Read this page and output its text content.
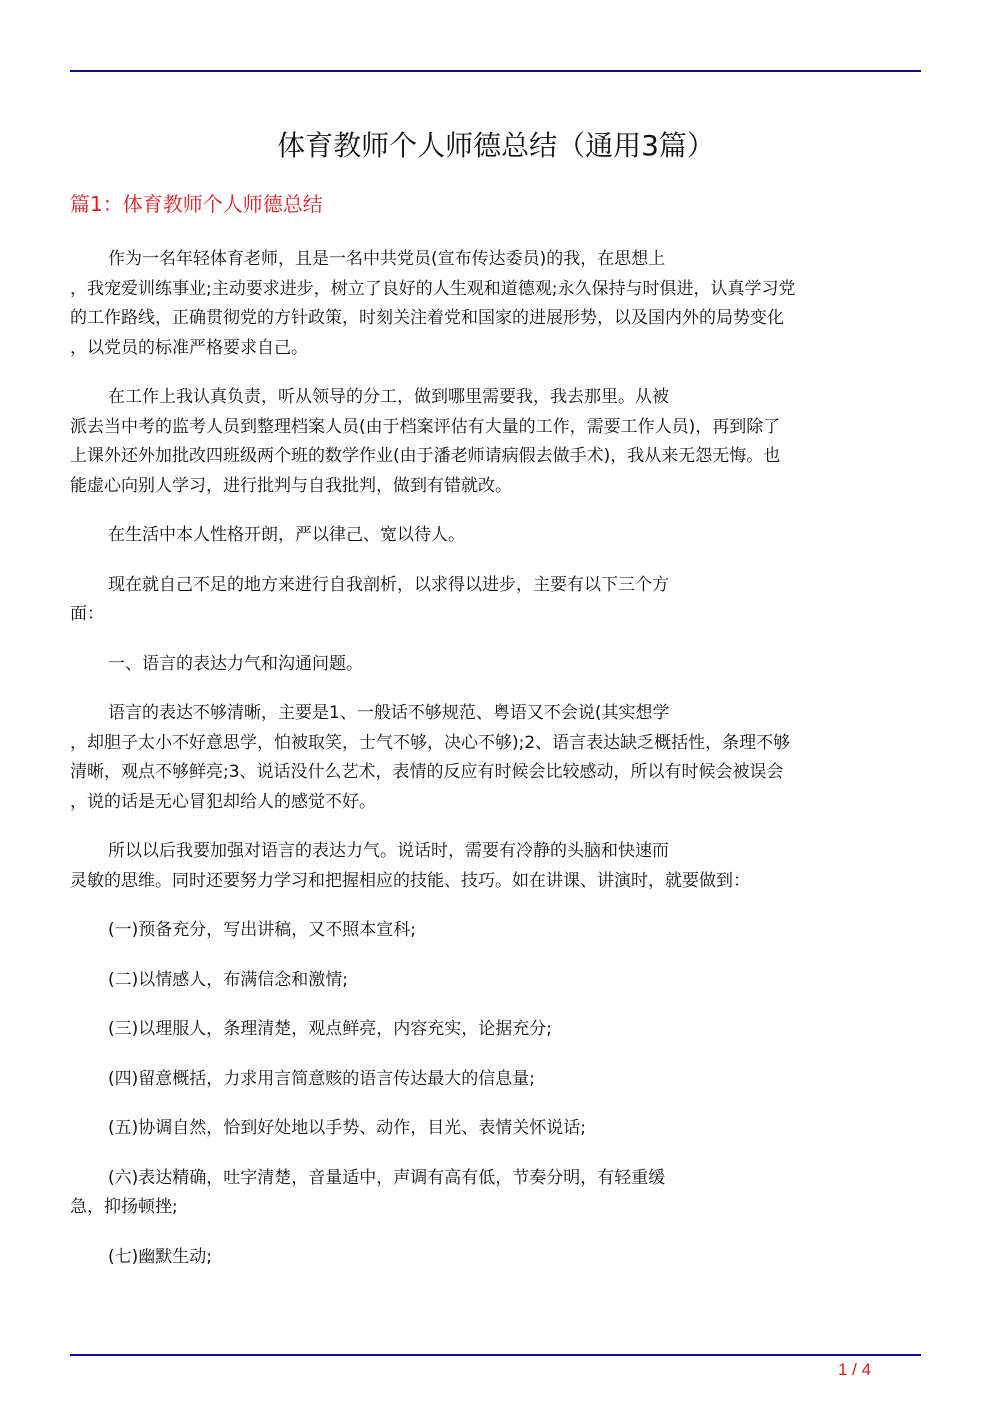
体育教师个人师德总结（通用3篇）
篇1：体育教师个人师德总结

作为一名年轻体育老师，且是一名中共党员(宣布传达委员)的我，在思想上
，我宠爱训练事业;主动要求进步，树立了良好的人生观和道德观;永久保持与时俱进，认真学习党
的工作路线，正确贯彻党的方针政策，时刻关注着党和国家的进展形势，以及国内外的局势变化
，以党员的标准严格要求自己。

在工作上我认真负责，听从领导的分工，做到哪里需要我，我去那里。从被
派去当中考的监考人员到整理档案人员(由于档案评估有大量的工作，需要工作人员)，再到除了
上课外还外加批改四班级两个班的数学作业(由于潘老师请病假去做手术)，我从来无怨无悔。也
能虚心向别人学习，进行批判与自我批判，做到有错就改。

在生活中本人性格开朗，严以律己、宽以待人。

现在就自己不足的地方来进行自我剖析，以求得以进步，主要有以下三个方
面：

一、语言的表达力气和沟通问题。

语言的表达不够清晰，主要是1、一般话不够规范、粤语又不会说(其实想学
，却胆子太小不好意思学，怕被取笑，士气不够，决心不够);2、语言表达缺乏概括性，条理不够
清晰，观点不够鲜亮;3、说话没什么艺术，表情的反应有时候会比较感动，所以有时候会被误会
，说的话是无心冒犯却给人的感觉不好。

所以以后我要加强对语言的表达力气。说话时，需要有冷静的头脑和快速而
灵敏的思维。同时还要努力学习和把握相应的技能、技巧。如在讲课、讲演时，就要做到：

(一)预备充分，写出讲稿，又不照本宣科;

(二)以情感人，布满信念和激情;

(三)以理服人，条理清楚，观点鲜亮，内容充实，论据充分;

(四)留意概括，力求用言简意赅的语言传达最大的信息量;

(五)协调自然，恰到好处地以手势、动作，目光、表情关怀说话;

(六)表达精确，吐字清楚，音量适中，声调有高有低，节奏分明，有轻重缓
急，抑扬顿挫;

(七)幽默生动;

1 / 4
